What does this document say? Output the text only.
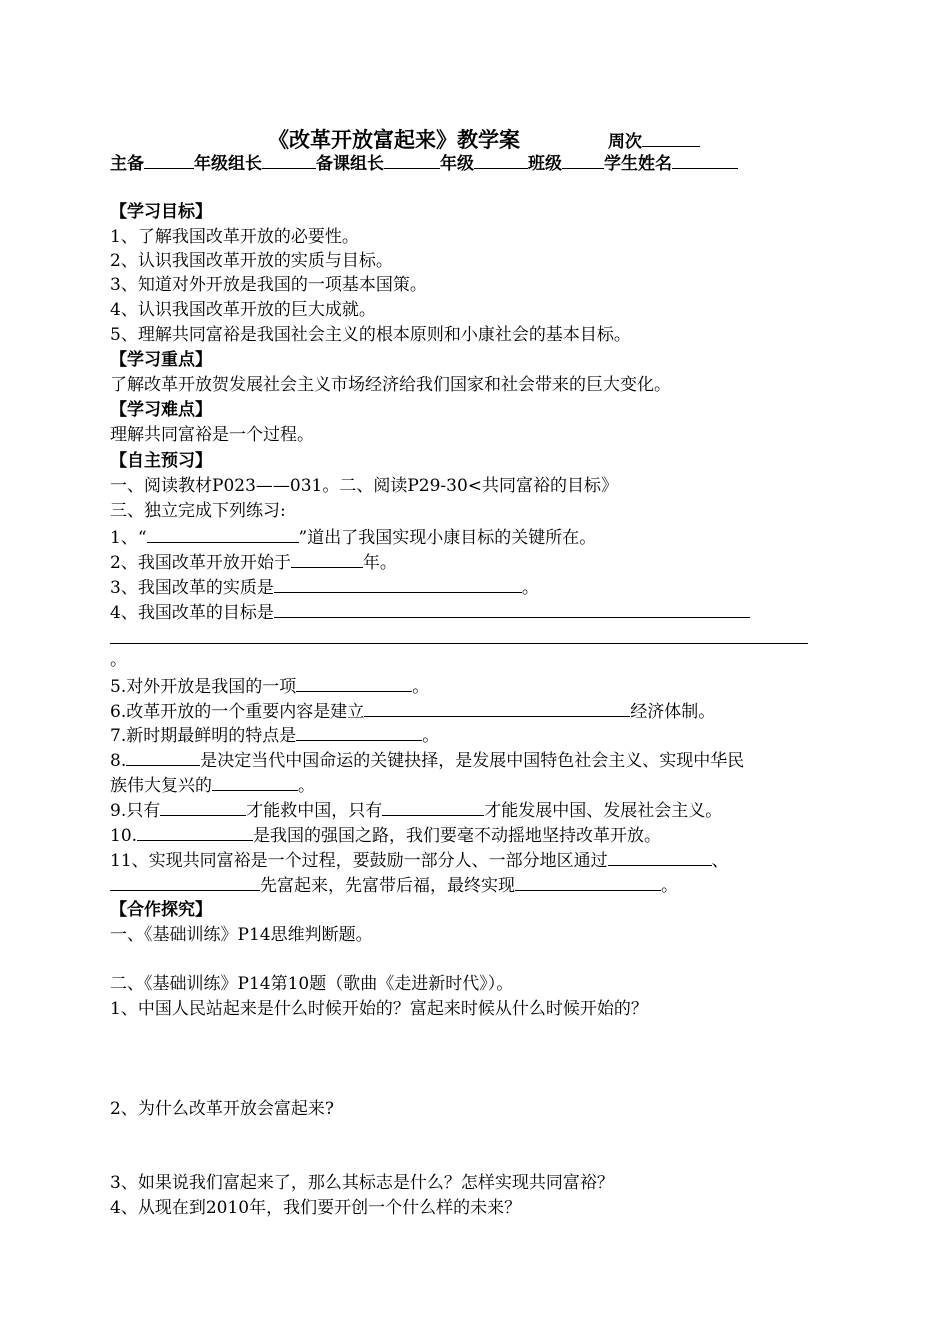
《改革开放富起来》教学案	周次
主备	年级组长	备课组长	年级	班级 学生姓名
【学习目标】
1、了解我国改革开放的必要性。
2、认识我国改革开放的实质与目标。
3、知道对外开放是我国的一项基本国策。
4、认识我国改革开放的巨大成就。
5、理解共同富裕是我国社会主义的根本原则和小康社会的基本目标。
【学习重点】
了解改革开放贺发展社会主义市场经济给我们国家和社会带来的巨大变化。
【学习难点】
理解共同富裕是一个过程。
【自主预习】
一、阅读教材P023——031。二、阅读P29-30<共同富裕的目标》
三、独立完成下列练习:
1、“	”道出了我国实现小康目标的关键所在。
2、我国改革开放开始于	年。
3、我国改革的实质是	。
4、我国改革的目标是
。
5.对外开放是我国的一项	。
6.改革开放的一个重要内容是建立	经济体制。
7.新时期最鲜明的特点是	。
8.	是决定当代中国命运的关键抉择，是发展中国特色社会主义、实现中华民
族伟大复兴的	。
9.只有	才能救中国，只有	才能发展中国、发展社会主义。
10.	是我国的强国之路，我们要毫不动摇地坚持改革开放。
11、实现共同富裕是一个过程，要鼓励一部分人、一部分地区通过	、
先富起来，先富带后福，最终实现	。
【合作探究】
一、《基础训练》P14思维判断题。
二、《基础训练》P14第10题（歌曲《走进新时代》）。
1、中国人民站起来是什么时候开始的？富起来时候从什么时候开始的？
2、为什么改革开放会富起来?
3、如果说我们富起来了，那么其标志是什么？怎样实现共同富裕？
4、从现在到2010年，我们要开创一个什么样的未来？
